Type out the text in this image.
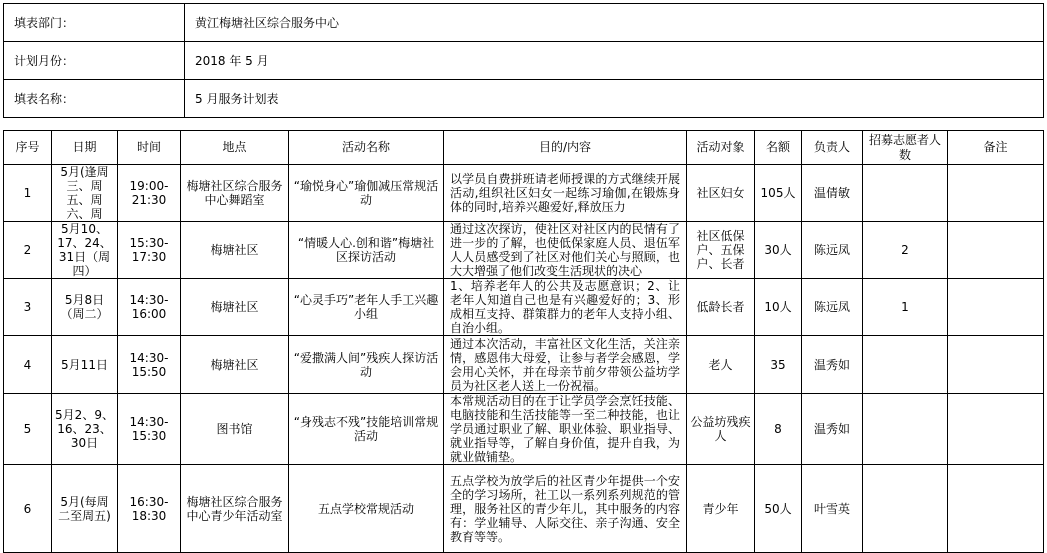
填表部门：	黄江梅塘社区综合服务中心
计划月份：	2018 年 5 月
填表名称：	5 月服务计划表
序号	日期	时间	地点	活动名称	目的/内容	活动对象	名额	负责人	招募志愿者人数	备注
1	5月(逢周三、周五、周六、周	19:00-21:30	梅塘社区综合服务中心舞蹈室	“瑜悦身心”瑜伽减压常规活动	以学员自费拼班请老师授课的方式继续开展活动,组织社区妇女一起练习瑜伽,在锻炼身体的同时,培养兴趣爱好,释放压力	社区妇女	105人	温倩敏		
2	5月10、17、24、31日（周四）	15:30-17:30	梅塘社区	“情暖人心.创和谐”梅塘社区探访活动	通过这次探访，使社区对社区内的民情有了进一步的了解，也使低保家庭人员、退伍军人人员感受到了社区对他们关心与照顾，也大大增强了他们改变生活现状的决心	社区低保户、五保户、长者	30人	陈远凤	2	
3	5月8日（周二）	14:30-16:00	梅塘社区	“心灵手巧”老年人手工兴趣小组	1、培养老年人的公共及志愿意识；2、让老年人知道自己也是有兴趣爱好的；3、形成相互支持、群策群力的老年人支持小组、自治小组。	低龄长者	10人	陈远凤	1	
4	5月11日	14:30-15:50	梅塘社区	“爱撒满人间”残疾人探访活动	通过本次活动，丰富社区文化生活，关注亲情，感恩伟大母爱，让参与者学会感恩，学会用心关怀，并在母亲节前夕带领公益坊学员为社区老人送上一份祝福。	老人	35	温秀如		
5	5月2、9、16、23、30日	14:30-15:30	图书馆	“身残志不残”技能培训常规活动	本常规活动目的在于让学员学会烹饪技能、电脑技能和生活技能等一至二种技能，也让学员通过职业了解、职业体验、职业指导、就业指导等，了解自身价值，提升自我，为就业做铺垫。	公益坊残疾人	8	温秀如		
6	5月(每周二至周五)	16:30-18:30	梅塘社区综合服务中心青少年活动室	五点学校常规活动	五点学校为放学后的社区青少年提供一个安全的学习场所，社工以一系列系列规范的管理，服务社区的青少年儿，其中服务的内容有：学业辅导、人际交往、亲子沟通、安全教育等等。	青少年	50人	叶雪英		
